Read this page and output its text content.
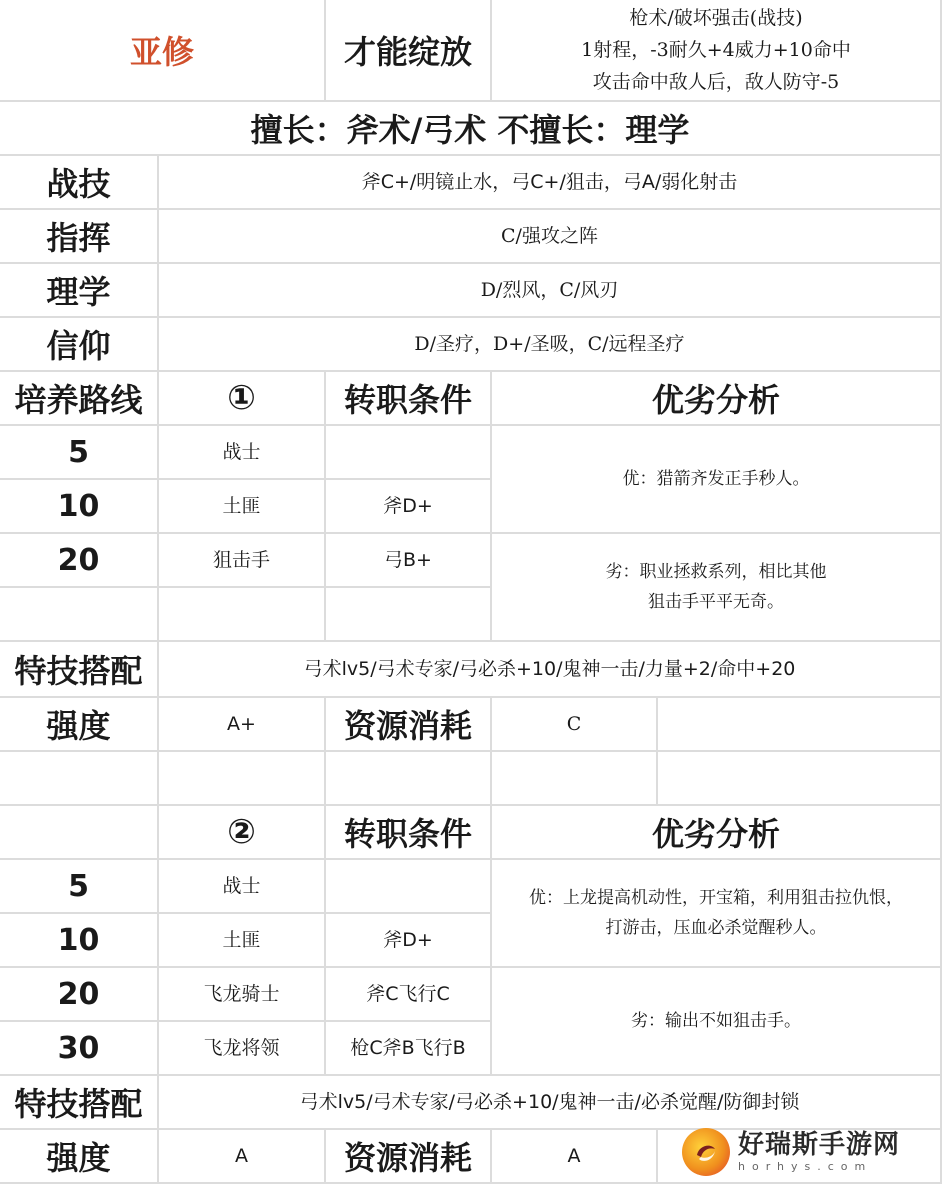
亚修	才能绽放
枪术/破坏强击(战技)
1射程，-3耐久+4威力+10命中
攻击命中敌人后，敌人防守-5
擅长：斧术/弓术 不擅长：理学
战技	斧C+/明镜止水，弓C+/狙击，弓A/弱化射击
指挥	C/强攻之阵
理学	D/烈风，C/风刃
信仰	D/圣疗，D+/圣吸，C/远程圣疗
培养路线	①	转职条件	优劣分析
5	战士
10	土匪	斧D+
20	狙击手	弓B+
优：猎箭齐发正手秒人。
劣：职业拯救系列，相比其他
狙击手平平无奇。
特技搭配	弓术lv5/弓术专家/弓必杀+10/鬼神一击/力量+2/命中+20
强度	A+	资源消耗	C
②	转职条件	优劣分析
5	战士
10	土匪	斧D+
20	飞龙骑士	斧C飞行C
30	飞龙将领	枪C斧B飞行B
优：上龙提高机动性，开宝箱，利用狙击拉仇恨，
打游击，压血必杀觉醒秒人。
劣：输出不如狙击手。
特技搭配	弓术lv5/弓术专家/弓必杀+10/鬼神一击/必杀觉醒/防御封锁
强度	A	资源消耗	A	好瑞斯手游网
horhys.com
